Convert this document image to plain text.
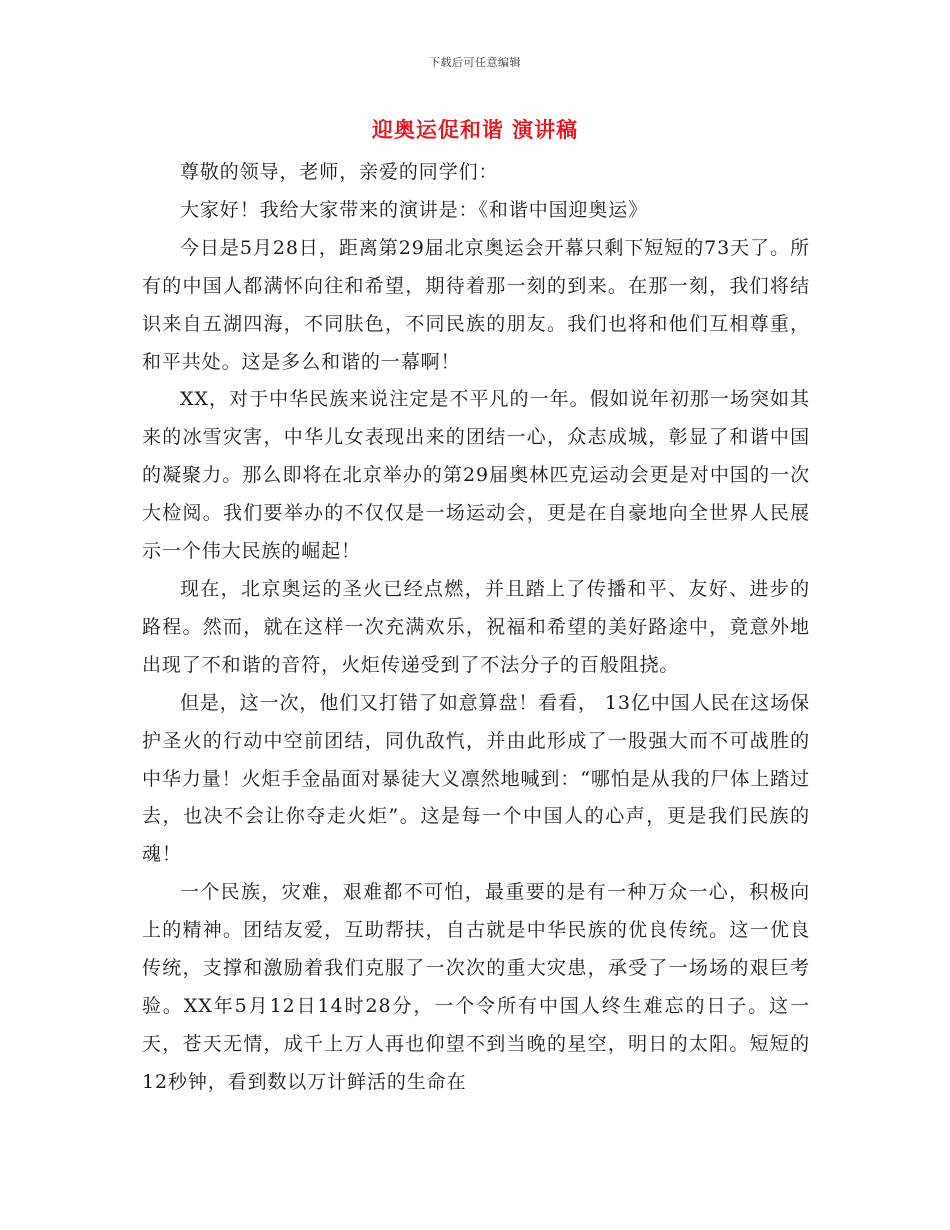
下载后可任意编辑
迎奥运促和谐 演讲稿

尊敬的领导，老师，亲爱的同学们：

大家好！我给大家带来的演讲是：《和谐中国迎奥运》

今日是5月28日，距离第29届北京奥运会开幕只剩下短短的73天了。所有的中国人都满怀向往和希望，期待着那一刻的到来。在那一刻，我们将结识来自五湖四海，不同肤色，不同民族的朋友。我们也将和他们互相尊重，和平共处。这是多么和谐的一幕啊！

XX，对于中华民族来说注定是不平凡的一年。假如说年初那一场突如其来的冰雪灾害，中华儿女表现出来的团结一心，众志成城，彰显了和谐中国的凝聚力。那么即将在北京举办的第29届奥林匹克运动会更是对中国的一次大检阅。我们要举办的不仅仅是一场运动会，更是在自豪地向全世界人民展示一个伟大民族的崛起！

现在，北京奥运的圣火已经点燃，并且踏上了传播和平、友好、进步的路程。然而，就在这样一次充满欢乐，祝福和希望的美好路途中，竟意外地出现了不和谐的音符，火炬传递受到了不法分子的百般阻挠。

但是，这一次，他们又打错了如意算盘！看看， 13亿中国人民在这场保护圣火的行动中空前团结，同仇敌忾，并由此形成了一股强大而不可战胜的中华力量！火炬手金晶面对暴徒大义凛然地喊到：“哪怕是从我的尸体上踏过去，也决不会让你夺走火炬”。这是每一个中国人的心声，更是我们民族的魂！

一个民族，灾难，艰难都不可怕，最重要的是有一种万众一心，积极向上的精神。团结友爱，互助帮扶，自古就是中华民族的优良传统。这一优良传统，支撑和激励着我们克服了一次次的重大灾患，承受了一场场的艰巨考验。XX年5月12日14时28分，一个令所有中国人终生难忘的日子。这一天，苍天无情，成千上万人再也仰望不到当晚的星空，明日的太阳。短短的12秒钟，看到数以万计鲜活的生命在
